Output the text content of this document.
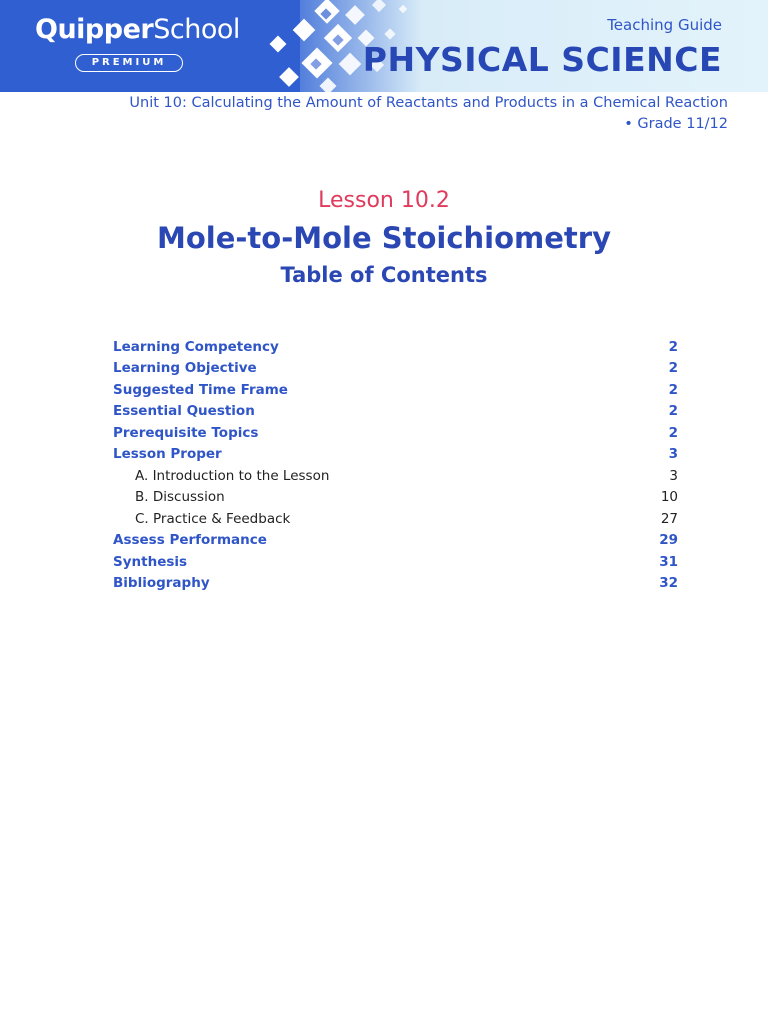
QuipperSchool
PREMIUM
Teaching Guide
PHYSICAL SCIENCE
Unit 10: Calculating the Amount of Reactants and Products in a Chemical Reaction
• Grade 11/12
Lesson 10.2
Mole-to-Mole Stoichiometry
Table of Contents
Learning Competency	2
Learning Objective	2
Suggested Time Frame	2
Essential Question	2
Prerequisite Topics	2
Lesson Proper	3
A. Introduction to the Lesson	3
B. Discussion	10
C. Practice & Feedback	27
Assess Performance	29
Synthesis	31
Bibliography	32
